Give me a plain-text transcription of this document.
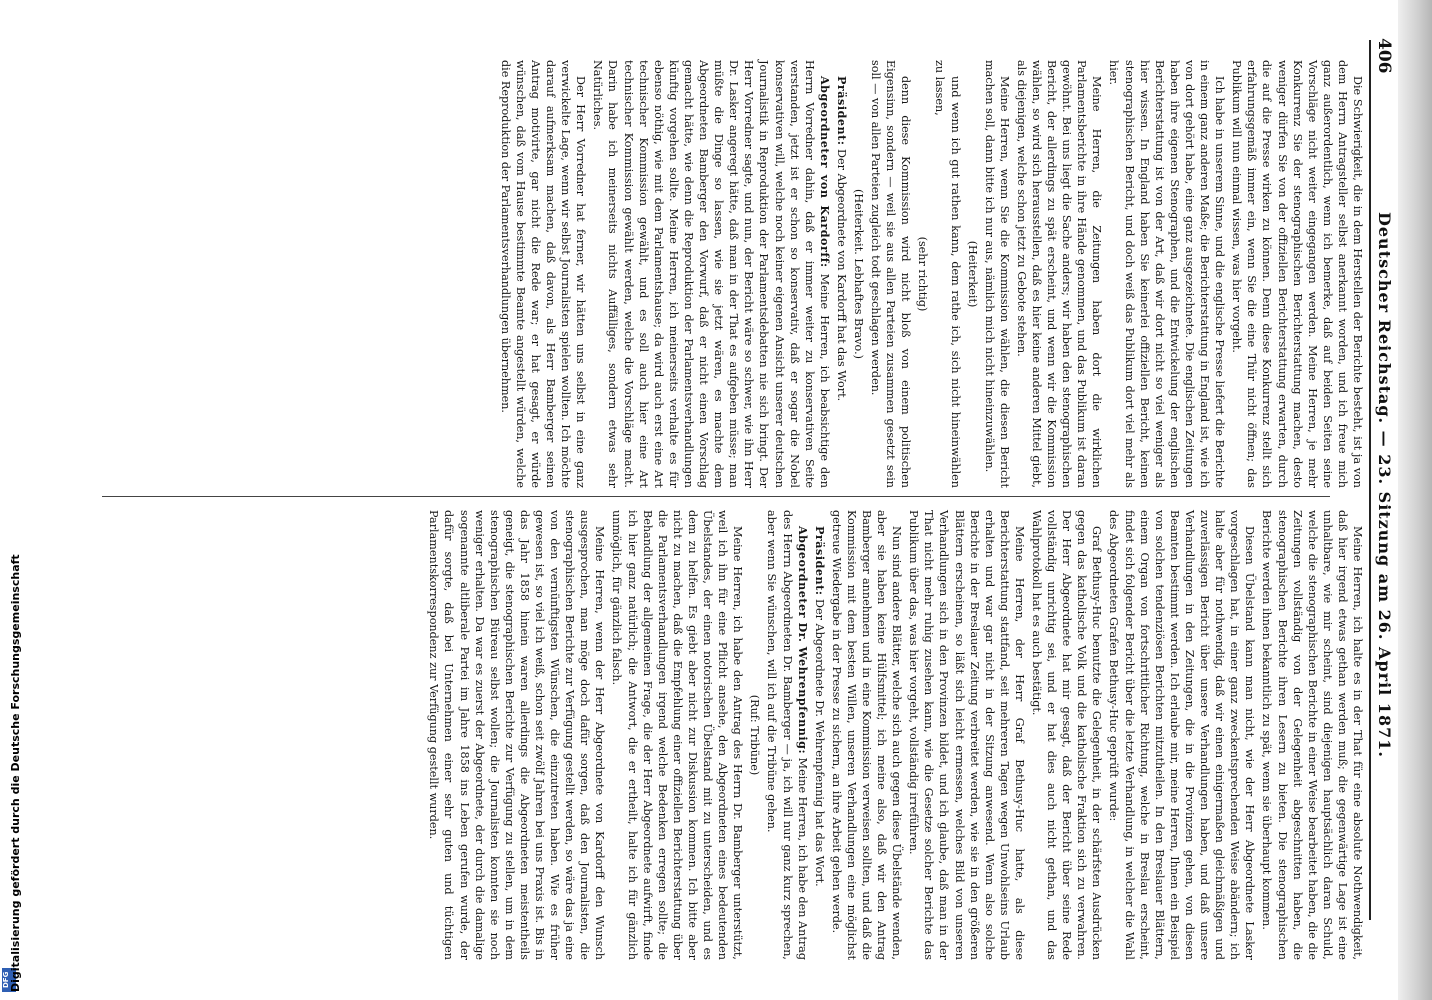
406
Deutscher Reichstag. — 23. Sitzung am 26. April 1871.

Die Schwierigkeit, die in dem Herstellen der Berichte besteht, ist ja von dem Herrn Antragsteller selbst anerkannt worden, und ich freue mich ganz außerordentlich, wenn ich bemerke, daß auf beiden Seiten seine Vorschläge nicht weiter eingegangen werden. Meine Herren, je mehr Konkurrenz Sie der stenographischen Berichterstattung machen, desto weniger dürfen Sie von der offiziellen Berichterstattung erwarten, durch die auf die Presse wirken zu können. Denn diese Konkurrenz stellt sich erfahrungsgemäß immer ein, wenn Sie die eine Thür nicht öffnen; das Publikum will nun einmal wissen, was hier vorgeht.

Ich habe in unserem Sinne, und die englische Presse liefert die Berichte in einem ganz anderen Maße; die Berichterstattung in England ist, wie ich von dort gehört habe, eine ganz ausgezeichnete. Die englischen Zeitungen haben ihre eigenen Stenographen, und die Entwickelung der englischen Berichterstattung ist von der Art, daß wir dort nicht so viel weniger als hier wissen. In England haben Sie keinerlei offiziellen Bericht, keinen stenographischen Bericht, und doch weiß das Publikum dort viel mehr als hier.

Meine Herren, die Zeitungen haben dort die wirklichen Parlamentsberichte in ihre Hände genommen, und das Publikum ist daran gewöhnt. Bei uns liegt die Sache anders; wir haben den stenographischen Bericht, der allerdings zu spät erscheint, und wenn wir die Kommission wählen, so wird sich herausstellen, daß es hier keine anderen Mittel giebt, als diejenigen, welche schon jetzt zu Gebote stehen.

Meine Herren, wenn Sie die Kommission wählen, die diesen Bericht machen soll, dann bitte ich nur aus, nämlich mich nicht hineinzuwählen.

(Heiterkeit)

und wenn ich gut rathen kann, dem rathe ich, sich nicht hineinwählen zu lassen,

(sehr richtig)

denn diese Kommission wird nicht bloß von einem politischen Eigensinn, sondern — weil sie aus allen Parteien zusammen gesetzt sein soll — von allen Parteien zugleich todt geschlagen werden.

(Heiterkeit. Lebhaftes Bravo.)

Präsident: Der Abgeordnete von Kardorff hat das Wort.

Abgeordneter von Kardorff: Meine Herren, ich beabsichtige den Herrn Vorredner dahin, daß er immer weiter zu konservativen Seite verstanden, jetzt ist er schon so konservativ, daß er sogar die Nobel konservativen will, welche noch keiner eigenen Ansicht unserer deutschen Journalistik in Reproduktion der Parlamentsdebatten nie sich bringt. Der Herr Vorredner sagte, und nun, der Bericht wäre so schwer, wie ihn Herr Dr. Lasker angeregt hätte, daß man in der That es aufgeben müsse; man müßte die Dinge so lassen, wie sie jetzt wären, es machte dem Abgeordneten Bamberger den Vorwurf, daß er nicht einen Vorschlag gemacht hätte, wie denn die Reproduktion der Parlamentsverhandlungen künftig vorgehen sollte. Meine Herren, ich meinerseits verhalte es für ebenso nöthig, wie mit dem Parlamentshause; da wird auch erst eine Art technischer Kommission gewählt, und es soll auch hier eine Art technischer Kommission gewählt werden, welche die Vorschläge macht. Darin habe ich meinerseits nichts Auffälliges, sondern etwas sehr Natürliches.

Der Herr Vorredner hat ferner, wir hätten uns selbst in eine ganz verwickelte Lage, wenn wir selbst Journalisten spielen wollten. Ich möchte darauf aufmerksam machen, daß davon, als Herr Bamberger seinen Antrag motivirte, gar nicht die Rede war; er hat gesagt, er würde wünschen, daß vom Hause bestimmte Beamte angestellt würden, welche die Reproduktion der Parlamentsverhandlungen übernehmen.

Meine Herren, ich halte es in der That für eine absolute Nothwendigkeit, daß hier irgend etwas gethan werden muß; die gegenwärtige Lage ist eine unhaltbare, wie mir scheint, sind diejenigen hauptsächlich daran Schuld, welche die stenographischen Berichte in einer Weise bearbeitet haben, die die Zeitungen vollständig von der Gelegenheit abgeschnitten haben, die stenographischen Berichte ihren Lesern zu bieten. Die stenographischen Berichte werden ihnen bekanntlich zu spät, wenn sie überhaupt kommen.

Diesen Übelstand kann man nicht, wie der Herr Abgeordnete Lasker vorgeschlagen hat, in einer ganz zweckentsprechenden Weise abändern; ich halte aber für nothwendig, daß wir einen einigermaßen gleichmäßigen und zuverlässigen Bericht über unsere Verhandlungen haben, und daß unsere Verhandlungen in den Zeitungen, die in die Provinzen gehen, von diesen Beamten bestimmt werden. Ich erlaube mir, meine Herren, Ihnen ein Beispiel von solchen tendenziösen Berichten mitzutheilen. In den Breslauer Blättern, einem Organ von fortschrittlicher Richtung, welche in Breslau erscheint, findet sich folgender Bericht über die letzte Verhandlung, in welcher die Wahl des Abgeordneten Grafen Bethusy-Huc geprüft wurde:

Graf Bethusy-Huc benutzte die Gelegenheit, in der schärfsten Ausdrücken gegen das katholische Volk und die katholische Fraktion sich zu verwahren. Der Herr Abgeordnete hat mir gesagt, daß der Bericht über seine Rede vollständig unrichtig sei, und er hat dies auch nicht gethan, und das Wahlprotokoll hat es auch bestätigt.

Meine Herren, der Herr Graf Bethusy-Huc hatte, als diese Berichterstattung stattfand, seit mehreren Tagen wegen Unwohlseins Urlaub erhalten und war gar nicht in der Sitzung anwesend. Wenn also solche Berichte in der Breslauer Zeitung verbreitet werden, wie sie in den größeren Blättern erscheinen, so läßt sich leicht ermessen, welches Bild von unseren Verhandlungen sich in den Provinzen bildet, und ich glaube, daß man in der That nicht mehr ruhig zusehen kann, wie die Gesetze solcher Berichte das Publikum über das, was hier vorgeht, vollständig irreführen.

Nun sind andere Blätter, welche sich auch gegen diese Übelstände wenden, aber sie haben keine Hülfsmittel; ich meine also, daß wir den Antrag Bamberger annehmen und in eine Kommission verweisen sollten, und daß die Kommission mit dem besten Willen, unseren Verhandlungen eine möglichst getreue Wiedergabe in der Presse zu sichern, an ihre Arbeit gehen werde.

Präsident: Der Abgeordnete Dr. Wehrenpfennig hat das Wort.

Abgeordneter Dr. Wehrenpfennig: Meine Herren, ich habe den Antrag des Herrn Abgeordneten Dr. Bamberger — ja, ich will nur ganz kurz sprechen, aber wenn Sie wünschen, will ich auf die Tribüne gehen.

(Ruf: Tribüne)

Meine Herren, ich habe den Antrag des Herrn Dr. Bamberger unterstützt, weil ich ihn für eine Pflicht ansehe, den Abgeordneten eines bedeutenden Übelstandes, der einen notorischen Übelstand mit zu unterscheiden, und es dem zu helfen. Es giebt aber nicht zur Diskussion kommen. Ich bitte aber nicht zu machen, daß die Empfehlung einer offiziellen Berichterstattung über die Parlamentsverhandlungen irgend welche Bedenken erregen sollte; die Behandlung der allgemeinen Frage, die der Herr Abgeordnete aufwirft, finde ich hier ganz natürlich; die Antwort, die er ertheilt, halte ich für gänzlich unmöglich, für gänzlich falsch.

Meine Herren, wenn der Herr Abgeordnete von Kardorff den Wunsch ausgesprochen, man möge doch dafür sorgen, daß den Journalisten, die stenographischen Berichte zur Verfügung gestellt werden, so wäre das ja eine von den vernünftigsten Wünschen, die einzutreten haben. Wie es früher gewesen ist, so viel ich weiß, schon seit zwölf Jahren bei uns Praxis ist. Bis in das Jahr 1858 hinein waren allerdings die Abgeordneten meistentheils geneigt, die stenographischen Berichte zur Verfügung zu stellen, um in dem stenographischen Büreau selbst wollen; die Journalisten konnten sie noch weniger erhalten. Da war es zuerst der Abgeordnete, der durch die damalige sogenannte altliberale Partei im Jahre 1858 ins Leben gerufen wurde, der dafür sorgte, daß bei Unternehmen einer sehr guten und tüchtigen Parlamentskorrespondenz zur Verfügung gestellt wurden.

DFG Digitalisierung gefördert durch die Deutsche Forschungsgemeinschaft
